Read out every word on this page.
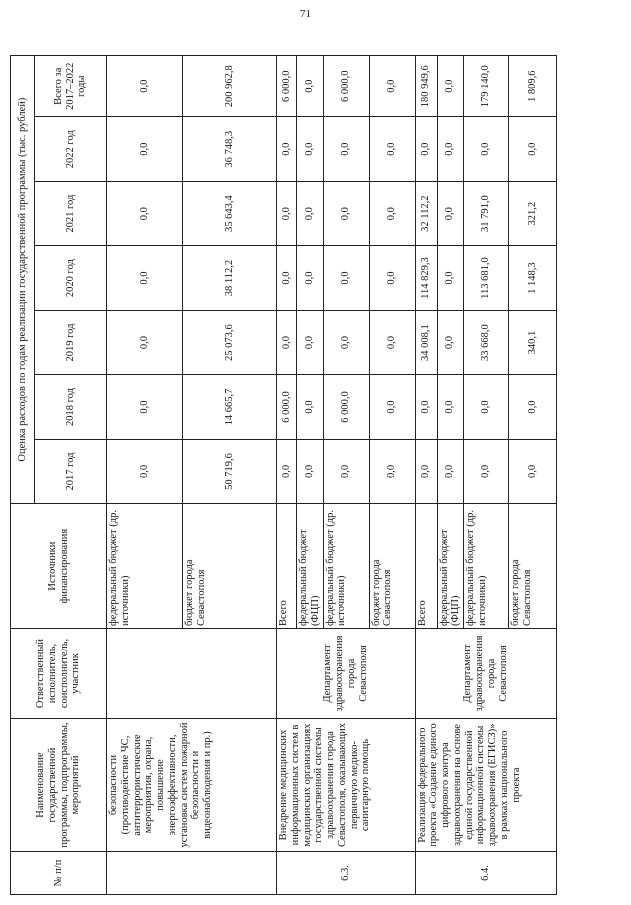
71
№ п/п	Наименование государственной программы, подпрограммы, мероприятий	Ответственный исполнитель, соисполнитель, участник	Источники финансирования	Оценка расходов по годам реализации государственной программы (тыс. рублей)						
				2017 год	2018 год	2019 год	2020 год	2021 год	2022 год	Всего за 2017–2022 годы
	безопасности (противодействие ЧС, антитеррористические мероприятия, охрана, повышение энергоэффективности, установка систем пожарной безопасности и видеонаблюдения и пр.)		федеральный бюджет (др. источники)	0,0	0,0	0,0	0,0	0,0	0,0	0,0
			бюджет города Севастополя	50 719,6	14 665,7	25 073,6	38 112,2	35 643,4	36 748,3	200 962,8
6.3.	Внедрение медицинских информационных систем в медицинских организациях государственной системы здравоохранения города Севастополя, оказывающих первичную медико-санитарную помощь	Департамент здравоохранения города Севастополя	Всего	0,0	6 000,0	0,0	0,0	0,0	0,0	6 000,0
			федеральный бюджет (ФЦП)	0,0	0,0	0,0	0,0	0,0	0,0	0,0
			федеральный бюджет (др. источники)	0,0	6 000,0	0,0	0,0	0,0	0,0	6 000,0
			бюджет города Севастополя	0,0	0,0	0,0	0,0	0,0	0,0	0,0
6.4.	Реализация федерального проекта «Создание единого цифрового контура здравоохранения на основе единой государственной информационной системы здравоохранения (ЕГИСЗ)» в рамках национального проекта	Департамент здравоохранения города Севастополя	Всего	0,0	0,0	34 008,1	114 829,3	32 112,2	0,0	180 949,6
			федеральный бюджет (ФЦП)	0,0	0,0	0,0	0,0	0,0	0,0	0,0
			федеральный бюджет (др. источники)	0,0	0,0	33 668,0	113 681,0	31 791,0	0,0	179 140,0
			бюджет города Севастополя	0,0	0,0	340,1	1 148,3	321,2	0,0	1 809,6
